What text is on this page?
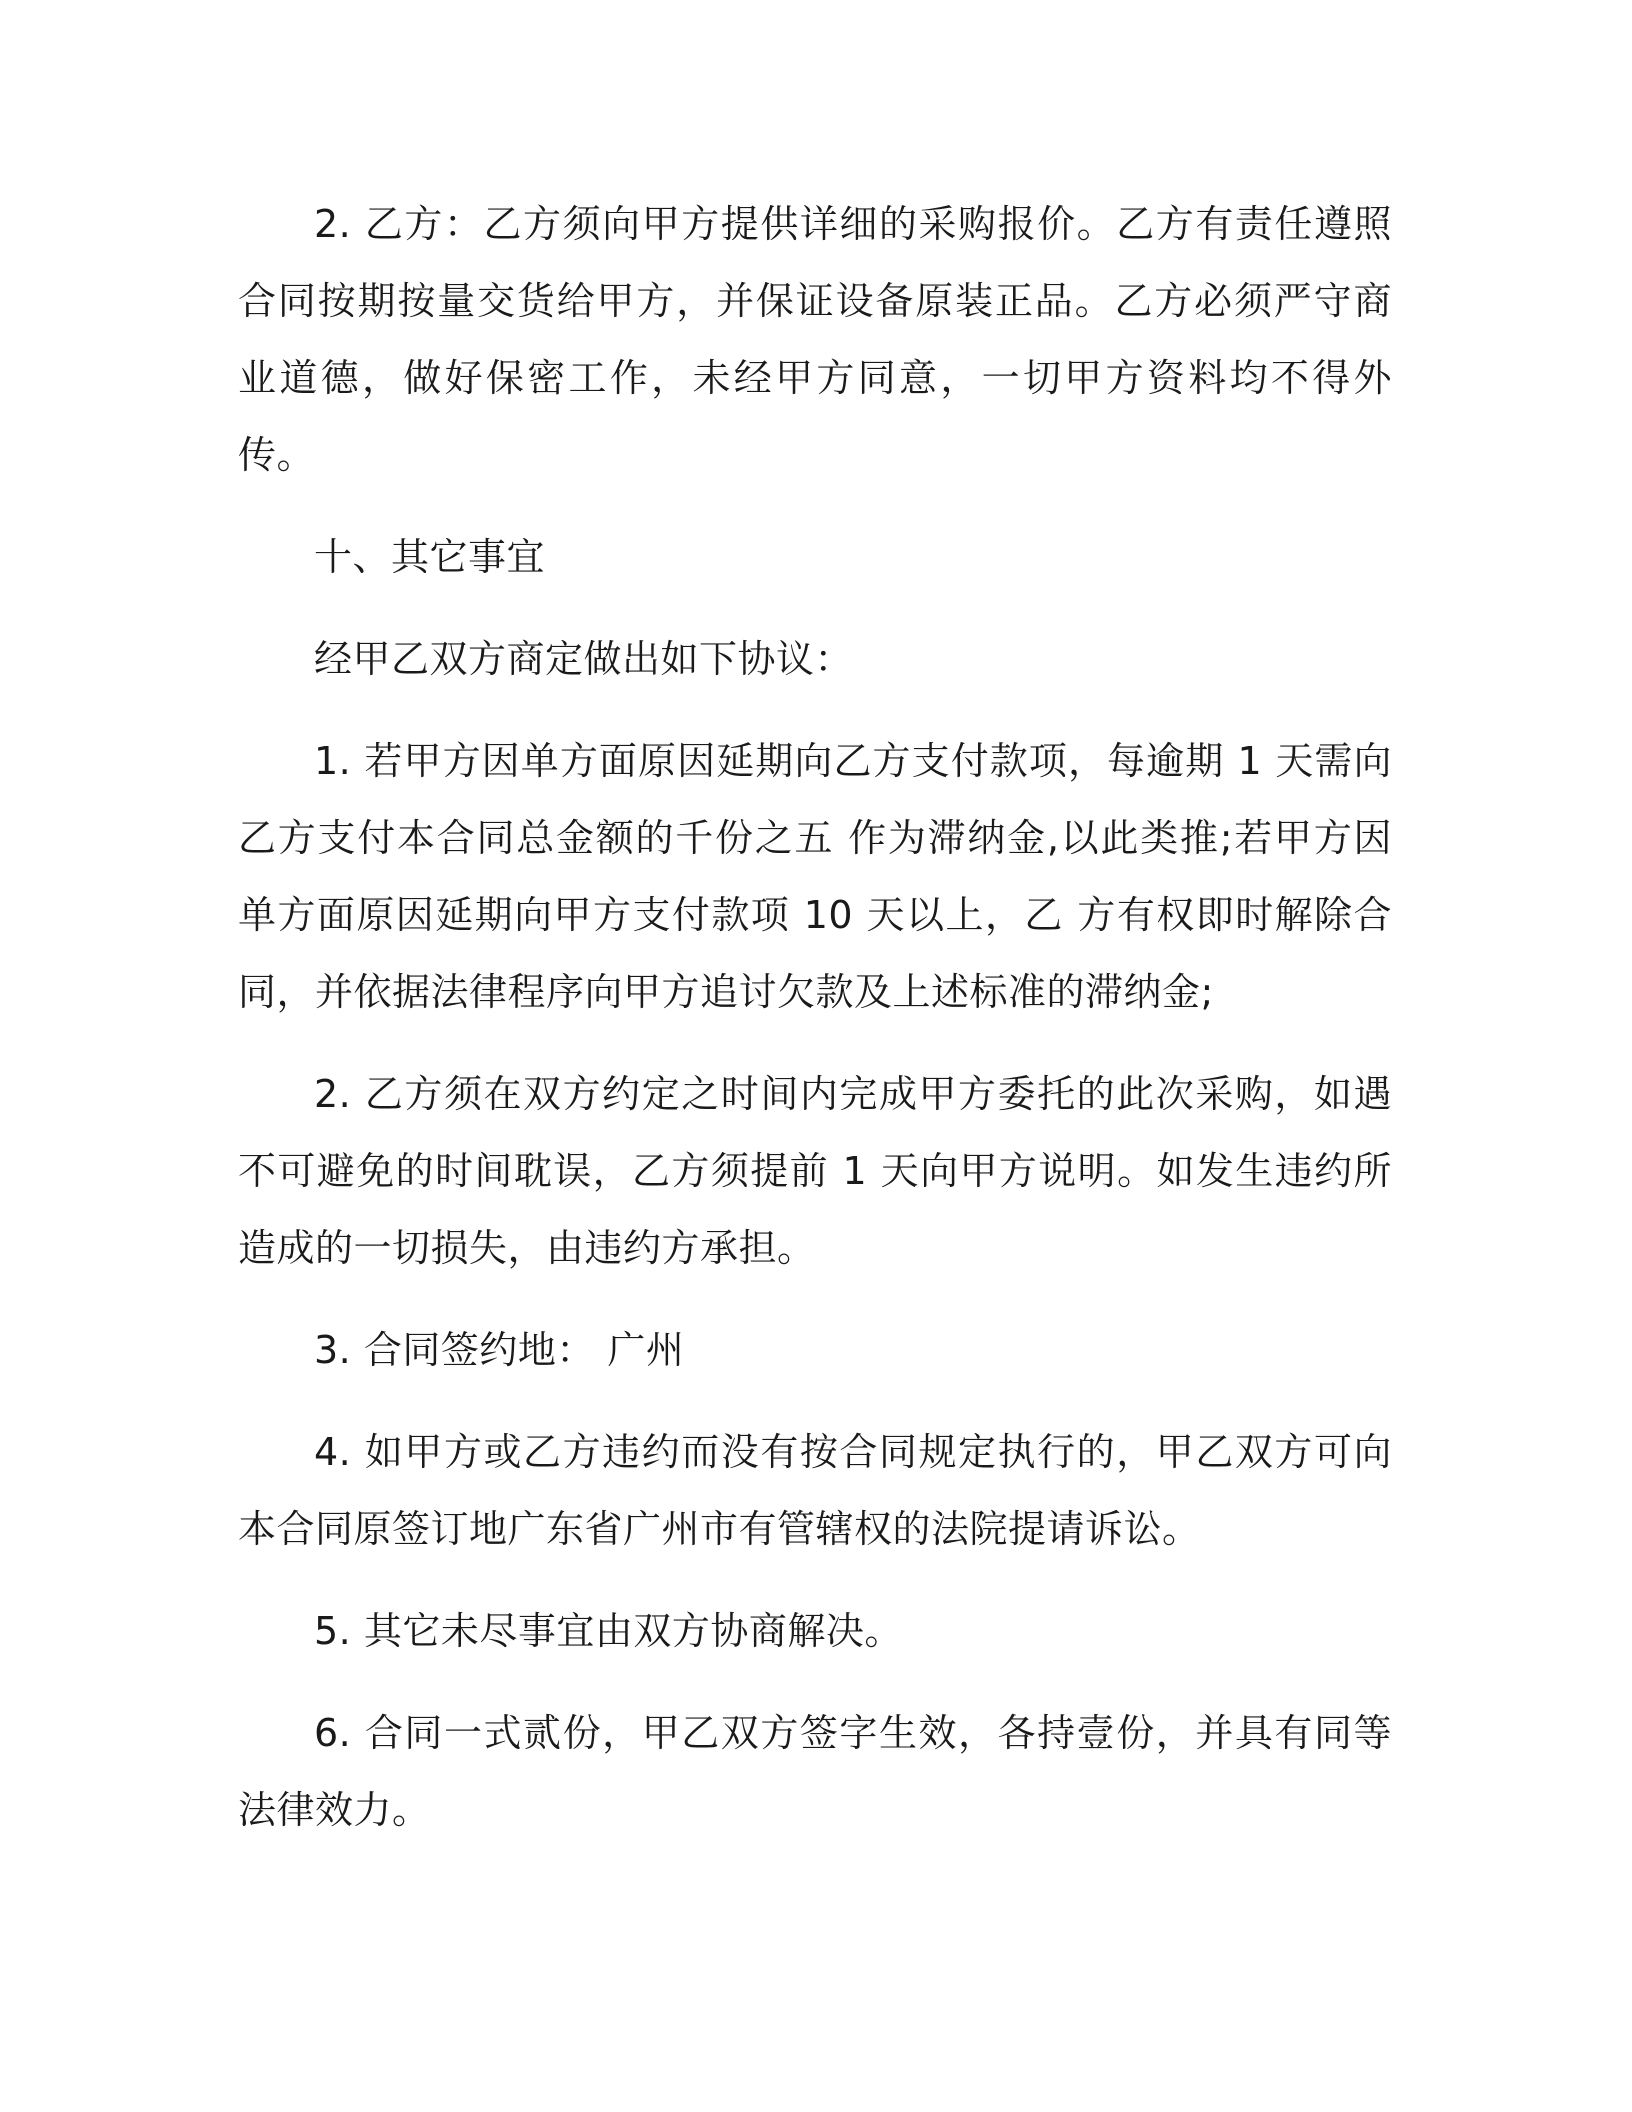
2. 乙方：乙方须向甲方提供详细的采购报价。乙方有责任遵照合同按期按量交货给甲方，并保证设备原装正品。乙方必须严守商业道德，做好保密工作，未经甲方同意，一切甲方资料均不得外传。

十、其它事宜

经甲乙双方商定做出如下协议：

1. 若甲方因单方面原因延期向乙方支付款项，每逾期 1 天需向乙方支付本合同总金额的千份之五 作为滞纳金,以此类推;若甲方因单方面原因延期向甲方支付款项 10 天以上，乙 方有权即时解除合同，并依据法律程序向甲方追讨欠款及上述标准的滞纳金;

2. 乙方须在双方约定之时间内完成甲方委托的此次采购，如遇不可避免的时间耽误，乙方须提前 1 天向甲方说明。如发生违约所造成的一切损失，由违约方承担。

3. 合同签约地： 广州

4. 如甲方或乙方违约而没有按合同规定执行的，甲乙双方可向本合同原签订地广东省广州市有管辖权的法院提请诉讼。

5. 其它未尽事宜由双方协商解决。

6. 合同一式贰份，甲乙双方签字生效，各持壹份，并具有同等法律效力。
